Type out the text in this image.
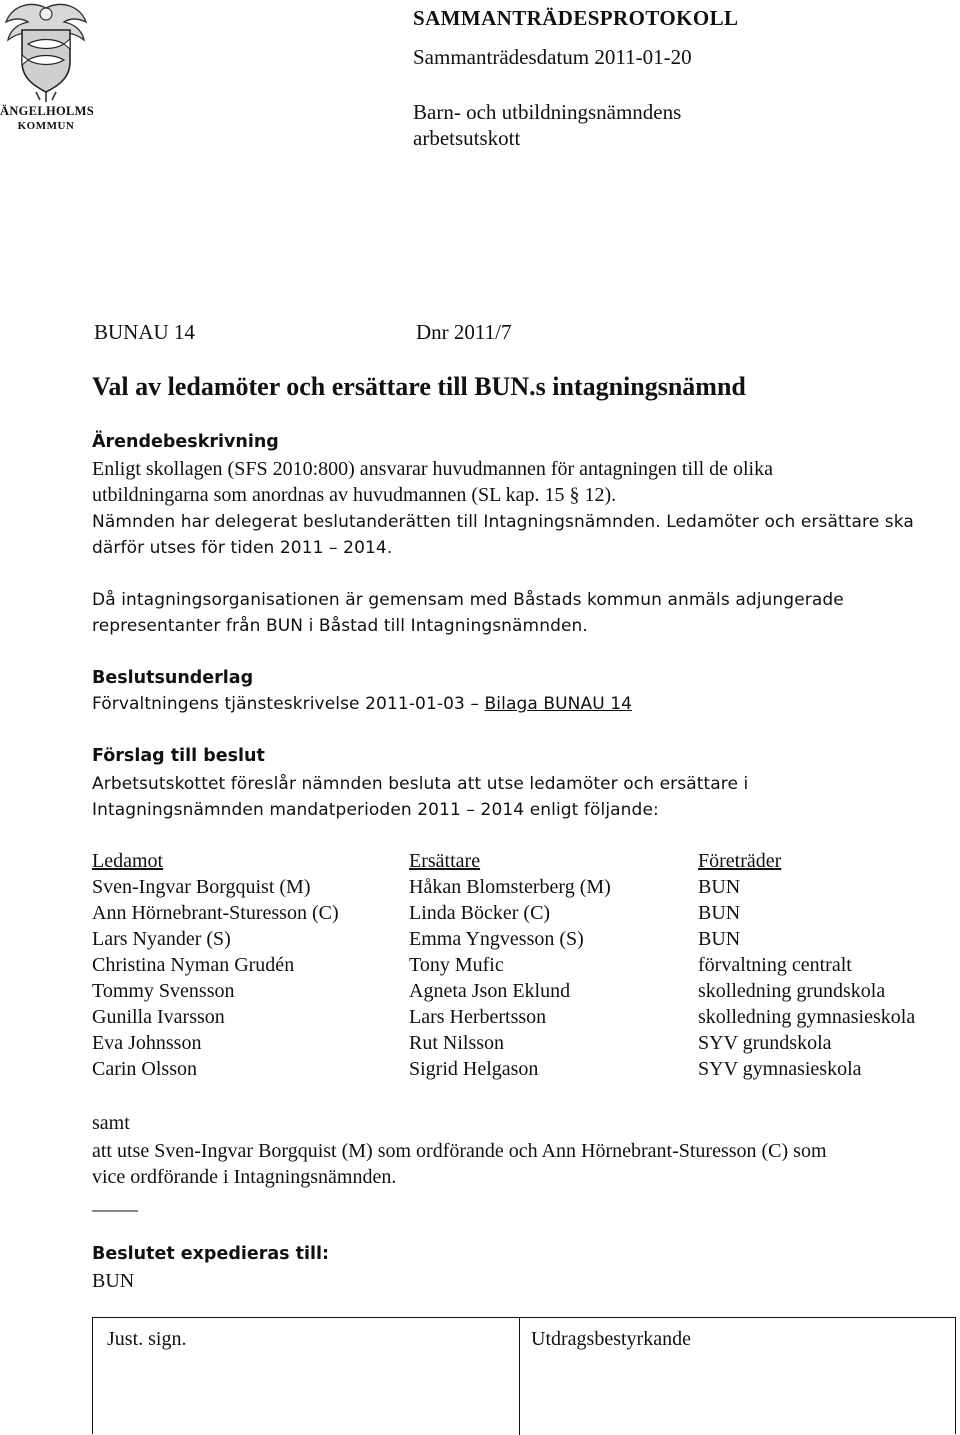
ÄNGELHOLMS
KOMMUN
SAMMANTRÄDESPROTOKOLL
Sammanträdesdatum 2011-01-20
Barn- och utbildningsnämndens
arbetsutskott
BUNAU 14	Dnr 2011/7
Val av ledamöter och ersättare till BUN.s intagningsnämnd
Ärendebeskrivning
Enligt skollagen (SFS 2010:800) ansvarar huvudmannen för antagningen till de olika
utbildningarna som anordnas av huvudmannen (SL kap. 15 § 12).
Nämnden har delegerat beslutanderätten till Intagningsnämnden. Ledamöter och ersättare ska
därför utses för tiden 2011 – 2014.
Då intagningsorganisationen är gemensam med Båstads kommun anmäls adjungerade
representanter från BUN i Båstad till Intagningsnämnden.
Beslutsunderlag
Förvaltningens tjänsteskrivelse 2011-01-03 – Bilaga BUNAU 14
Förslag till beslut
Arbetsutskottet föreslår nämnden besluta att utse ledamöter och ersättare i
Intagningsnämnden mandatperioden 2011 – 2014 enligt följande:
Ledamot	Ersättare	Företräder
Sven-Ingvar Borgquist (M)	Håkan Blomsterberg (M)	BUN
Ann Hörnebrant-Sturesson (C)	Linda Böcker (C)	BUN
Lars Nyander (S)	Emma Yngvesson (S)	BUN
Christina Nyman Grudén	Tony Mufic	förvaltning centralt
Tommy Svensson	Agneta Json Eklund	skolledning grundskola
Gunilla Ivarsson	Lars Herbertsson	skolledning gymnasieskola
Eva Johnsson	Rut Nilsson	SYV grundskola
Carin Olsson	Sigrid Helgason	SYV gymnasieskola
samt
att utse Sven-Ingvar Borgquist (M) som ordförande och Ann Hörnebrant-Sturesson (C) som
vice ordförande i Intagningsnämnden.
_____
Beslutet expedieras till:
BUN
Just. sign.	Utdragsbestyrkande
